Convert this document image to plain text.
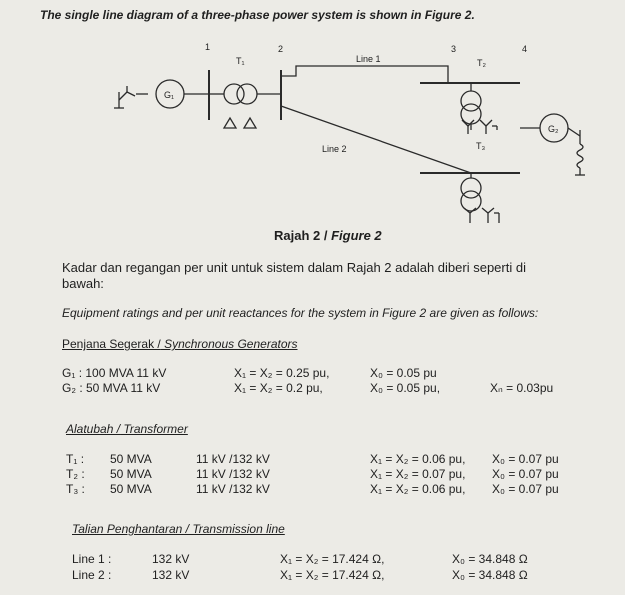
The single line diagram of a three-phase power system is shown in Figure 2.
1	2	3	4
T₁	T₂
T₃
G₁
G₂
Line 1
Line 2
Rajah 2 / Figure 2
Kadar dan regangan per unit untuk sistem dalam Rajah 2 adalah diberi seperti di
bawah:
Equipment ratings and per unit reactances for the system in Figure 2 are given as follows:
Penjana Segerak / Synchronous Generators
G₁ : 100 MVA 11 kV	X₁ = X₂ = 0.25 pu,	X₀ = 0.05 pu
G₂ : 50 MVA 11 kV	X₁ = X₂ = 0.2 pu,	X₀ = 0.05 pu,	Xₙ = 0.03pu
Alatubah / Transformer
T₁ : 50 MVA	11 kV /132 kV	X₁ = X₂ = 0.06 pu, X₀ = 0.07 pu
T₂ : 50 MVA	11 kV /132 kV	X₁ = X₂ = 0.07 pu, X₀ = 0.07 pu
T₃ : 50 MVA	11 kV /132 kV	X₁ = X₂ = 0.06 pu, X₀ = 0.07 pu
Talian Penghantaran / Transmission line
Line 1 :	132 kV	X₁ = X₂ = 17.424 Ω,	X₀ = 34.848 Ω
Line 2 :	132 kV	X₁ = X₂ = 17.424 Ω,	X₀ = 34.848 Ω
